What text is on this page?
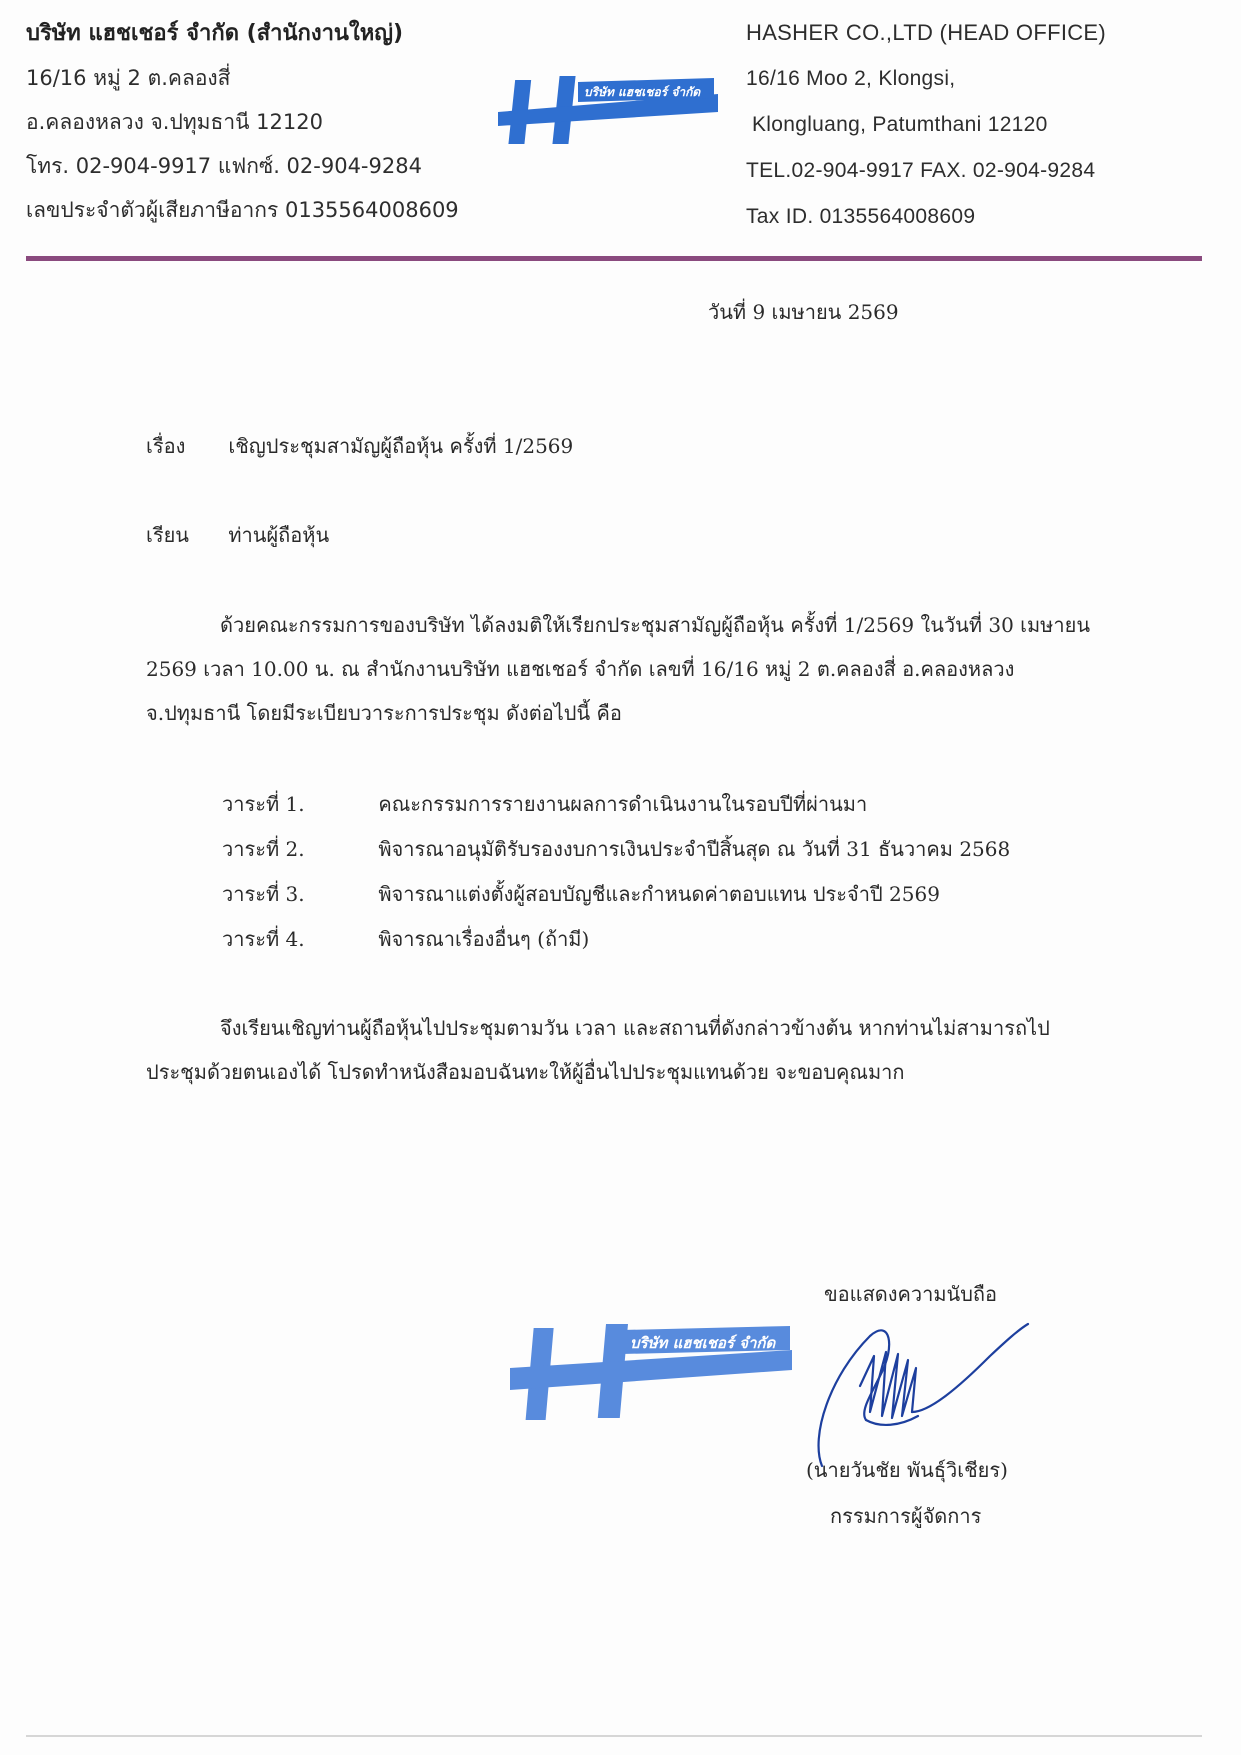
บริษัท แฮชเชอร์ จำกัด (สำนักงานใหญ่)
16/16 หมู่ 2 ต.คลองสี่
อ.คลองหลวง จ.ปทุมธานี 12120
โทร. 02-904-9917 แฟกซ์. 02-904-9284
เลขประจำตัวผู้เสียภาษีอากร 0135564008609
บริษัท แฮชเชอร์ จำกัด
HASHER CO.,LTD (HEAD OFFICE)
16/16 Moo 2, Klongsi,
Klongluang, Patumthani 12120
TEL.02-904-9917 FAX. 02-904-9284
Tax ID. 0135564008609
วันที่ 9 เมษายน 2569
เรื่อง เชิญประชุมสามัญผู้ถือหุ้น ครั้งที่ 1/2569
เรียน ท่านผู้ถือหุ้น
ด้วยคณะกรรมการของบริษัท ได้ลงมติให้เรียกประชุมสามัญผู้ถือหุ้น ครั้งที่ 1/2569 ในวันที่ 30 เมษายน
2569 เวลา 10.00 น. ณ สำนักงานบริษัท แฮชเชอร์ จำกัด เลขที่ 16/16 หมู่ 2 ต.คลองสี่ อ.คลองหลวง
จ.ปทุมธานี โดยมีระเบียบวาระการประชุม ดังต่อไปนี้ คือ
วาระที่ 1.	คณะกรรมการรายงานผลการดำเนินงานในรอบปีที่ผ่านมา
วาระที่ 2.	พิจารณาอนุมัติรับรองงบการเงินประจำปีสิ้นสุด ณ วันที่ 31 ธันวาคม 2568
วาระที่ 3.	พิจารณาแต่งตั้งผู้สอบบัญชีและกำหนดค่าตอบแทน ประจำปี 2569
วาระที่ 4.	พิจารณาเรื่องอื่นๆ (ถ้ามี)
จึงเรียนเชิญท่านผู้ถือหุ้นไปประชุมตามวัน เวลา และสถานที่ดังกล่าวข้างต้น หากท่านไม่สามารถไป
ประชุมด้วยตนเองได้ โปรดทำหนังสือมอบฉันทะให้ผู้อื่นไปประชุมแทนด้วย จะขอบคุณมาก
ขอแสดงความนับถือ
บริษัท แฮชเชอร์ จำกัด
(นายวันชัย พันธุ์วิเชียร)
กรรมการผู้จัดการ
